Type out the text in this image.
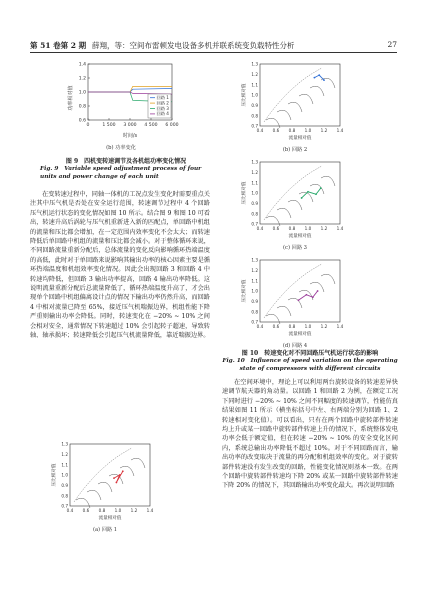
第 51 卷第 2 期 薛翔，等：空间布雷顿发电设备多机并联系统变负载特性分析	27
功率相对值
1.4
1.2
1.0
0.8
0.6
0	1 500 3 000 4 500 6 000
回路 1
回路 2
回路 3
回路 4
时间/s
(b) 功率变化
图 9　四机变转速调节及各机组功率变化情况
Fig. 9　Variable speed adjustment process of four units and power change of each unit

在变转速过程中，同轴一体机的工况点发生变化时需要重点关注其中压气机是否处在安全运行范围，转速调节过程中 4 个回路压气机运行状态的变化情况如图 10 所示。结合图 9 和图 10 可看出，转速升高后涡轮与压气机重新进入新的匹配点，单回路中机组的流量和压比都会增加，在一定范围内效率变化不会太大；而转速降低后单回路中机组的流量和压比都会减小。对于整体循环来说，不同回路流量重新分配后，总体流量的变化反向影响循环热端温度的高低，此时对于单回路来说影响其输出功率的核心因素主要是循环热端温度和机组效率变化情况。因此会出现回路 3 和回路 4 中转速均降低，但回路 3 输出功率提高，回路 4 输出功率降低。这说明流量重新分配后总流量降低了，循环热端温度升高了，才会出现单个回路中机组偏离设计点的情况下输出功率仍然升高，而回路 4 中相对流量已降至 65%，接近压气机喘振边界，机组性能下降严重则输出功率会降低。同时，转速变化在 −20% ~ 10% 之间会相对安全，通常情况下转速超过 10% 会引起转子超速，导致转轴、轴承损坏；转速降低会引起压气机流量降低，靠近喘振边界。

压比相对值
1.3
1.2
1.1
1.0
0.9
0.8
0.7
0.4 0.6 0.8 1.0 1.2 1.4
流量相对值
(a) 回路 1
压比相对值
1.3
1.2
1.1
1.0
0.9
0.8
0.7
0.4 0.6 0.8 1.0 1.2 1.4
流量相对值
(b) 回路 2
压比相对值
1.3
1.2
1.1
1.0
0.9
0.8
0.7
0.4 0.6 0.8 1.0 1.2 1.4
流量相对值
(c) 回路 3
压比相对值
1.3
1.2
1.1
1.0
0.9
0.8
0.7
0.4 0.6 0.8 1.0 1.2 1.4
流量相对值
(d) 回路 4
图 10　转速变化对不同回路压气机运行状态的影响
Fig. 10　Influence of speed variation on the operating state of compressors with different circuits

在空间环境中，理论上可以利用两台旋转设备的转速差异快速调节航天器的角动量。以回路 1 和回路 2 为例，在额定工况下同时进行 −20% ~ 10% 之间不同幅度的转速调节，性能仿真结果如图 11 所示（横坐标括号中左、右两端分别为回路 1、2 转速相对变化值）。可以看出，只有在两个回路中旋转部件转速均上升或某一回路中旋转部件转速上升的情况下，系统整体发电功率会低于额定值，但在转速 −20% ~ 10% 的安全变化区间内，系统总输出功率降低不超过 10%。对于不同回路而言，输出功率的改变取决于流量的再分配和机组效率的变化。对于旋转部件转速没有发生改变的回路，性能变化情况则基本一致。在两个回路中旋转部件转速均下降 20% 或某一回路中旋转部件转速下降 20% 的情况下，其回路输出功率变化最大。再次说明回路
